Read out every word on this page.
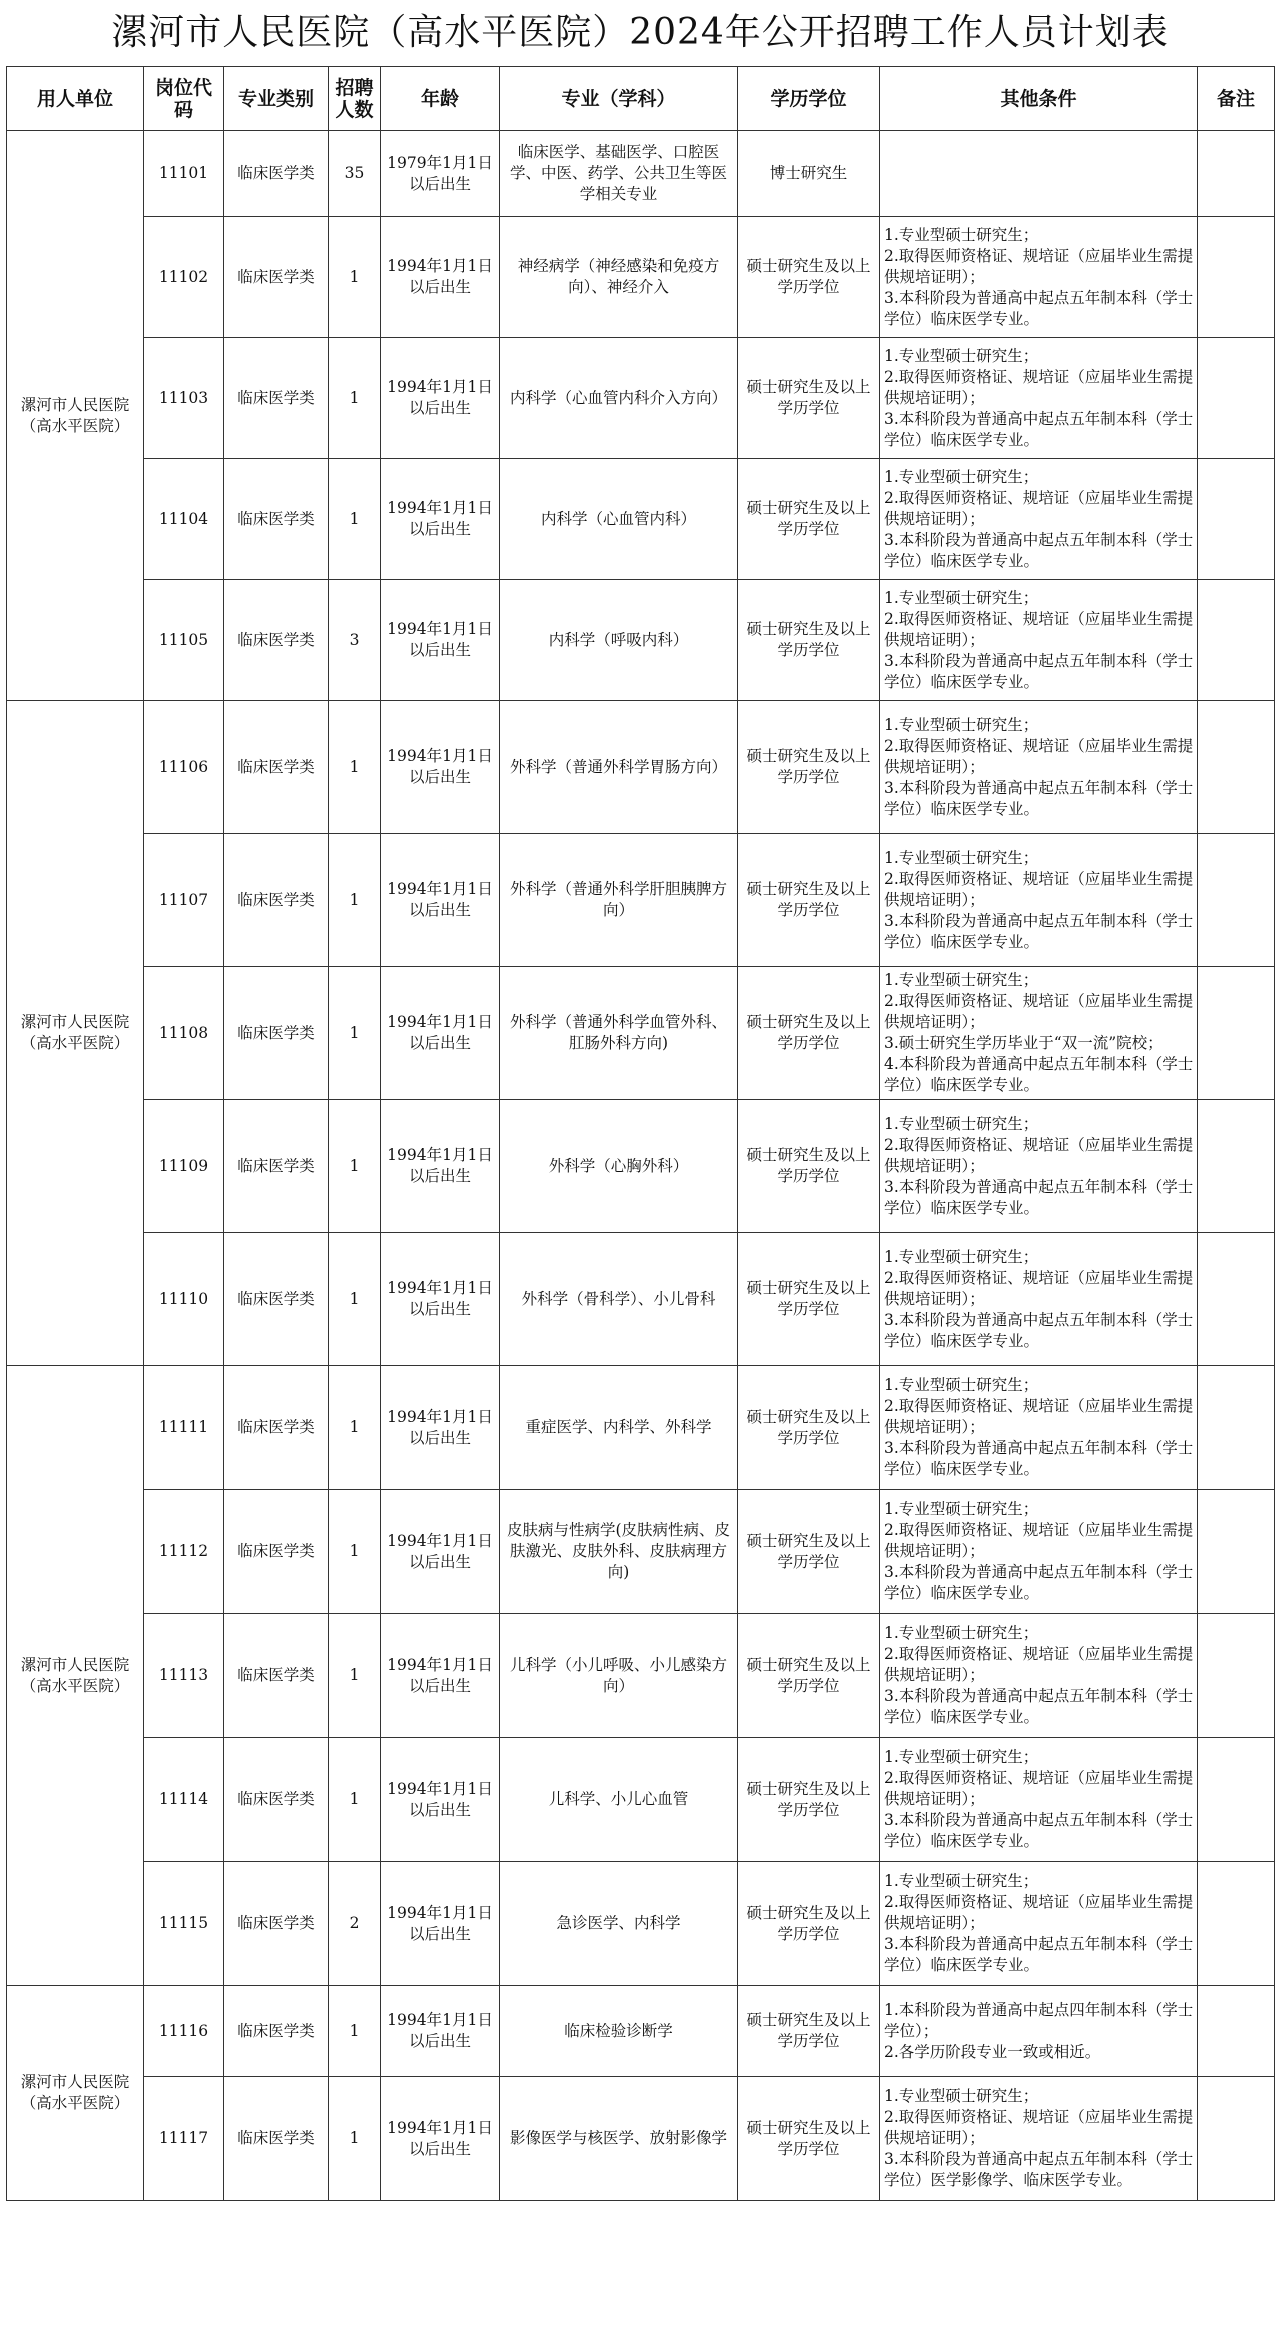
漯河市人民医院（高水平医院）2024年公开招聘工作人员计划表
用人单位	岗位代码	专业类别	招聘人数	年龄	专业（学科）	学历学位	其他条件	备注
漯河市人民医院（高水平医院）	11101	临床医学类	35	1979年1月1日以后出生	临床医学、基础医学、口腔医学、中医、药学、公共卫生等医学相关专业	博士研究生		
	11102	临床医学类	1	1994年1月1日以后出生	神经病学（神经感染和免疫方向）、神经介入	硕士研究生及以上学历学位	1.专业型硕士研究生；
2.取得医师资格证、规培证（应届毕业生需提供规培证明）；
3.本科阶段为普通高中起点五年制本科（学士学位）临床医学专业。	

	11103	临床医学类	1	1994年1月1日以后出生	内科学（心血管内科介入方向）	硕士研究生及以上学历学位	1.专业型硕士研究生；
2.取得医师资格证、规培证（应届毕业生需提供规培证明）；
3.本科阶段为普通高中起点五年制本科（学士学位）临床医学专业。	

	11104	临床医学类	1	1994年1月1日以后出生	内科学（心血管内科）	硕士研究生及以上学历学位	1.专业型硕士研究生；
2.取得医师资格证、规培证（应届毕业生需提供规培证明）；
3.本科阶段为普通高中起点五年制本科（学士学位）临床医学专业。	

	11105	临床医学类	3	1994年1月1日以后出生	内科学（呼吸内科）	硕士研究生及以上学历学位	1.专业型硕士研究生；
2.取得医师资格证、规培证（应届毕业生需提供规培证明）；
3.本科阶段为普通高中起点五年制本科（学士学位）临床医学专业。	

漯河市人民医院（高水平医院）	11106	临床医学类	1	1994年1月1日以后出生	外科学（普通外科学胃肠方向）	硕士研究生及以上学历学位	1.专业型硕士研究生；
2.取得医师资格证、规培证（应届毕业生需提供规培证明）；
3.本科阶段为普通高中起点五年制本科（学士学位）临床医学专业。	

	11107	临床医学类	1	1994年1月1日以后出生	外科学（普通外科学肝胆胰脾方向）	硕士研究生及以上学历学位	1.专业型硕士研究生；
2.取得医师资格证、规培证（应届毕业生需提供规培证明）；
3.本科阶段为普通高中起点五年制本科（学士学位）临床医学专业。	

	11108	临床医学类	1	1994年1月1日以后出生	外科学（普通外科学血管外科、肛肠外科方向)	硕士研究生及以上学历学位	1.专业型硕士研究生；
2.取得医师资格证、规培证（应届毕业生需提供规培证明）；
3.硕士研究生学历毕业于“双一流”院校；
4.本科阶段为普通高中起点五年制本科（学士学位）临床医学专业。	

	11109	临床医学类	1	1994年1月1日以后出生	外科学（心胸外科）	硕士研究生及以上学历学位	1.专业型硕士研究生；
2.取得医师资格证、规培证（应届毕业生需提供规培证明）；
3.本科阶段为普通高中起点五年制本科（学士学位）临床医学专业。	

	11110	临床医学类	1	1994年1月1日以后出生	外科学（骨科学）、小儿骨科	硕士研究生及以上学历学位	1.专业型硕士研究生；
2.取得医师资格证、规培证（应届毕业生需提供规培证明）；
3.本科阶段为普通高中起点五年制本科（学士学位）临床医学专业。	

漯河市人民医院（高水平医院）	11111	临床医学类	1	1994年1月1日以后出生	重症医学、内科学、外科学	硕士研究生及以上学历学位	1.专业型硕士研究生；
2.取得医师资格证、规培证（应届毕业生需提供规培证明）；
3.本科阶段为普通高中起点五年制本科（学士学位）临床医学专业。	

	11112	临床医学类	1	1994年1月1日以后出生	皮肤病与性病学(皮肤病性病、皮肤激光、皮肤外科、皮肤病理方向)	硕士研究生及以上学历学位	1.专业型硕士研究生；
2.取得医师资格证、规培证（应届毕业生需提供规培证明）；
3.本科阶段为普通高中起点五年制本科（学士学位）临床医学专业。	

	11113	临床医学类	1	1994年1月1日以后出生	儿科学（小儿呼吸、小儿感染方向）	硕士研究生及以上学历学位	1.专业型硕士研究生；
2.取得医师资格证、规培证（应届毕业生需提供规培证明）；
3.本科阶段为普通高中起点五年制本科（学士学位）临床医学专业。	

	11114	临床医学类	1	1994年1月1日以后出生	儿科学、小儿心血管	硕士研究生及以上学历学位	1.专业型硕士研究生；
2.取得医师资格证、规培证（应届毕业生需提供规培证明）；
3.本科阶段为普通高中起点五年制本科（学士学位）临床医学专业。	

	11115	临床医学类	2	1994年1月1日以后出生	急诊医学、内科学	硕士研究生及以上学历学位	1.专业型硕士研究生；
2.取得医师资格证、规培证（应届毕业生需提供规培证明）；
3.本科阶段为普通高中起点五年制本科（学士学位）临床医学专业。	

漯河市人民医院（高水平医院）	11116	临床医学类	1	1994年1月1日以后出生	临床检验诊断学	硕士研究生及以上学历学位	1.本科阶段为普通高中起点四年制本科（学士学位）；
2.各学历阶段专业一致或相近。	

	11117	临床医学类	1	1994年1月1日以后出生	影像医学与核医学、放射影像学	硕士研究生及以上学历学位	1.专业型硕士研究生；
2.取得医师资格证、规培证（应届毕业生需提供规培证明）；
3.本科阶段为普通高中起点五年制本科（学士学位）医学影像学、临床医学专业。	
